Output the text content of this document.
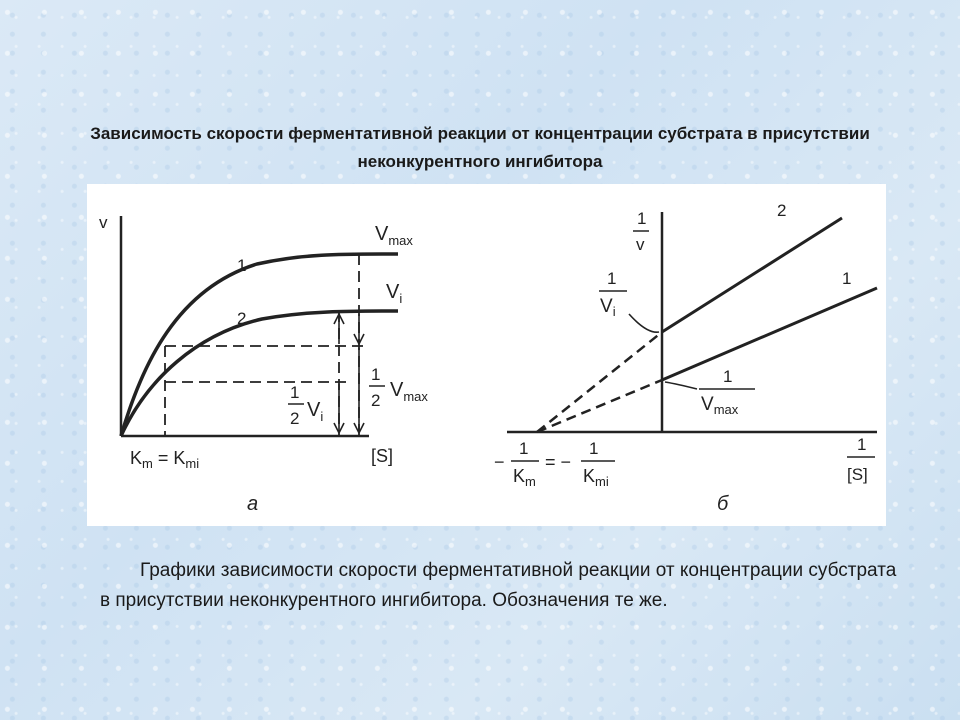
Зависимость скорости ферментативной реакции от концентрации субстрата в присутствии неконкурентного ингибитора
v
1
2
$V_{max}$
$V_i$
1
2 $V_{max}$
1
2 $V_i$
[S]
$K_m = K_{mi}$
а
1
v
2
1
1
$V_i$
1
$V_{max}$
−
1
$K_m$
= −
1
$K_{mi}$
1
[S]
б
Графики зависимости скорости ферментативной реакции от концентрации субстрата в присутствии неконкурентного ингибитора. Обозначения те же.
